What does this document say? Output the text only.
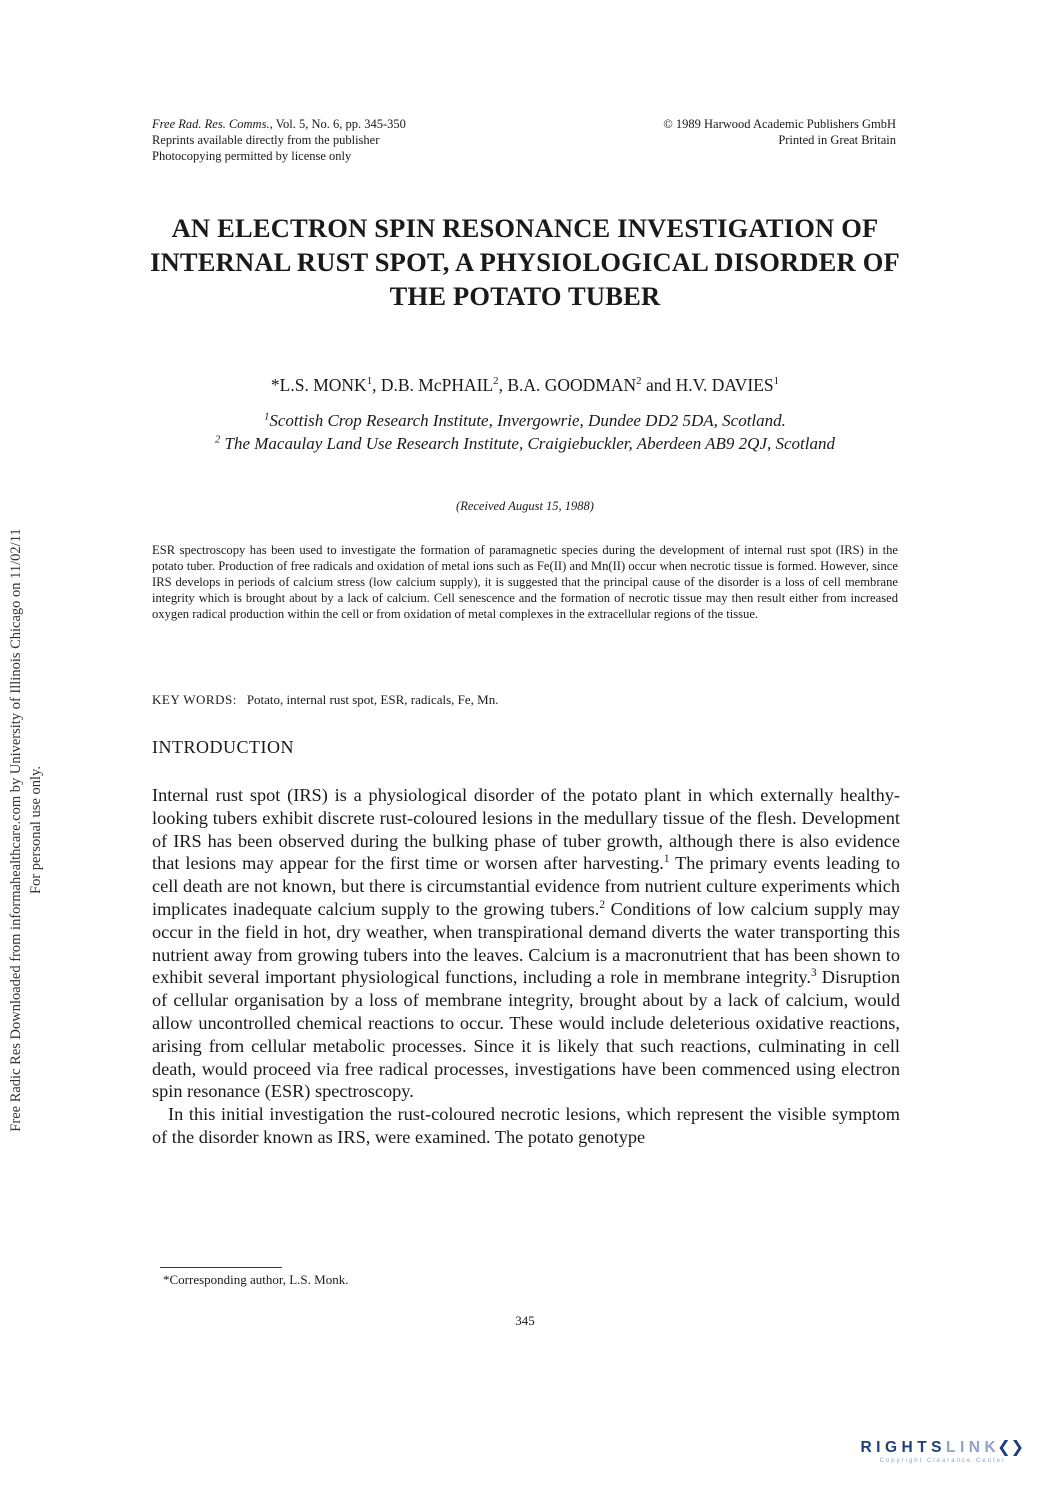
Free Radic Res Downloaded from informahealthcare.com by University of Illinois Chicago on 11/02/11 For personal use only.
Free Rad. Res. Comms., Vol. 5, No. 6, pp. 345-350
Reprints available directly from the publisher
Photocopying permitted by license only
© 1989 Harwood Academic Publishers GmbH
Printed in Great Britain
AN ELECTRON SPIN RESONANCE INVESTIGATION OF INTERNAL RUST SPOT, A PHYSIOLOGICAL DISORDER OF THE POTATO TUBER
*L.S. MONK$^1$, D.B. McPHAIL$^2$, B.A. GOODMAN$^2$ and H.V. DAVIES$^1$
$^1$Scottish Crop Research Institute, Invergowrie, Dundee DD2 5DA, Scotland.
$^2$ The Macaulay Land Use Research Institute, Craigiebuckler, Aberdeen AB9 2QJ, Scotland
(Received August 15, 1988)
ESR spectroscopy has been used to investigate the formation of paramagnetic species during the development of internal rust spot (IRS) in the potato tuber. Production of free radicals and oxidation of metal ions such as Fe(II) and Mn(II) occur when necrotic tissue is formed. However, since IRS develops in periods of calcium stress (low calcium supply), it is suggested that the principal cause of the disorder is a loss of cell membrane integrity which is brought about by a lack of calcium. Cell senescence and the formation of necrotic tissue may then result either from increased oxygen radical production within the cell or from oxidation of metal complexes in the extracellular regions of the tissue.
KEY WORDS: Potato, internal rust spot, ESR, radicals, Fe, Mn.
INTRODUCTION

Internal rust spot (IRS) is a physiological disorder of the potato plant in which externally healthy-looking tubers exhibit discrete rust-coloured lesions in the medullary tissue of the flesh. Development of IRS has been observed during the bulking phase of tuber growth, although there is also evidence that lesions may appear for the first time or worsen after harvesting.$^1$ The primary events leading to cell death are not known, but there is circumstantial evidence from nutrient culture experiments which implicates inadequate calcium supply to the growing tubers.$^2$ Conditions of low calcium supply may occur in the field in hot, dry weather, when transpirational demand diverts the water transporting this nutrient away from growing tubers into the leaves. Calcium is a macronutrient that has been shown to exhibit several important physiological functions, including a role in membrane integrity.$^3$ Disruption of cellular organisation by a loss of membrane integrity, brought about by a lack of calcium, would allow uncontrolled chemical reactions to occur. These would include deleterious oxidative reactions, arising from cellular metabolic processes. Since it is likely that such reactions, culminating in cell death, would proceed via free radical processes, investigations have been commenced using electron spin resonance (ESR) spectroscopy.

In this initial investigation the rust-coloured necrotic lesions, which represent the visible symptom of the disorder known as IRS, were examined. The potato genotype

*Corresponding author, L.S. Monk.
345
RIGHTSLINK❮❯
Copyright Clearance Center
